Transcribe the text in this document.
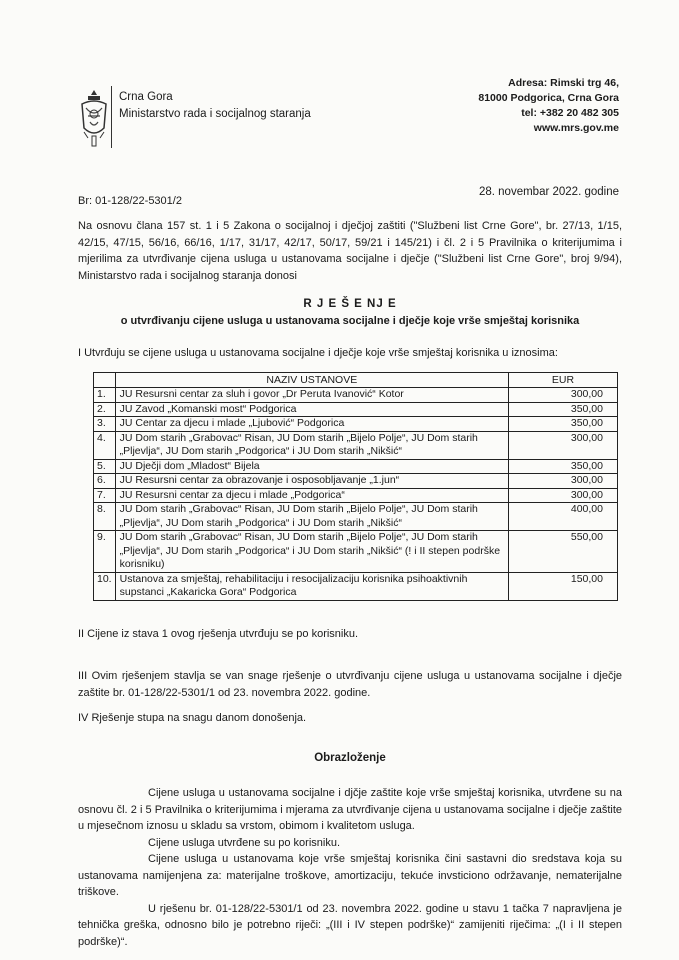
Crna Gora
Ministarstvo rada i socijalnog staranja
Adresa: Rimski trg 46,
81000 Podgorica, Crna Gora
tel: +382 20 482 305
www.mrs.gov.me
Br: 01-128/22-5301/2
28. novembar 2022. godine
Na osnovu člana 157 st. 1 i 5 Zakona o socijalnoj i dječjoj zaštiti ("Službeni list Crne Gore", br. 27/13, 1/15, 42/15, 47/15, 56/16, 66/16, 1/17, 31/17, 42/17, 50/17, 59/21 i 145/21) i čl. 2 i 5 Pravilnika o kriterijumima i mjerilima za utvrđivanje cijena usluga u ustanovama socijalne i dječje ("Službeni list Crne Gore", broj 9/94), Ministarstvo rada i socijalnog staranja donosi
R J E Š E NJ E
o utvrđivanju cijene usluga u ustanovama socijalne i dječje koje vrše smještaj korisnika
I Utvrđuju se cijene usluga u ustanovama socijalne i dječje koje vrše smještaj korisnika u iznosima:
	NAZIV USTANOVE	EUR
1.	JU Resursni centar za sluh i govor „Dr Peruta Ivanović“ Kotor	300,00
2.	JU Zavod „Komanski most“ Podgorica	350,00
3.	JU Centar za djecu i mlade „Ljubović“ Podgorica	350,00
4.	JU Dom starih „Grabovac“ Risan, JU Dom starih „Bijelo Polje“, JU Dom starih „Pljevlja“, JU Dom starih „Podgorica“ i JU Dom starih „Nikšić“	300,00
5.	JU Dječji dom „Mladost“ Bijela	350,00
6.	JU Resursni centar za obrazovanje i osposobljavanje „1.jun“	300,00
7.	JU Resursni centar za djecu i mlade „Podgorica“	300,00
8.	JU Dom starih „Grabovac“ Risan, JU Dom starih „Bijelo Polje“, JU Dom starih „Pljevlja“, JU Dom starih „Podgorica“ i JU Dom starih „Nikšić“	400,00
9.	JU Dom starih „Grabovac“ Risan, JU Dom starih „Bijelo Polje“, JU Dom starih „Pljevlja“, JU Dom starih „Podgorica“ i JU Dom starih „Nikšić“ (! i II stepen podrške korisniku)	550,00
10.	Ustanova za smještaj, rehabilitaciju i resocijalizaciju korisnika psihoaktivnih supstanci „Kakaricka Gora“ Podgorica	150,00
II Cijene iz stava 1 ovog rješenja utvrđuju se po korisniku.
III Ovim rješenjem stavlja se van snage rješenje o utvrđivanju cijene usluga u ustanovama socijalne i dječje zaštite br. 01-128/22-5301/1 od 23. novembra 2022. godine.
IV Rješenje stupa na snagu danom donošenja.
Obrazloženje
Cijene usluga u ustanovama socijalne i djčje zaštite koje vrše smještaj korisnika, utvrđene su na osnovu čl. 2 i 5 Pravilnika o kriterijumima i mjerama za utvrđivanje cijena u ustanovama socijalne i dječje zaštite u mjesečnom iznosu u skladu sa vrstom, obimom i kvalitetom usluga.
Cijene usluga utvrđene su po korisniku.
Cijene usluga u ustanovama koje vrše smještaj korisnika čini sastavni dio sredstava koja su ustanovama namijenjena za: materijalne troškove, amortizaciju, tekuće invsticiono održavanje, nematerijalne triškove.
U rješenu br. 01-128/22-5301/1 od 23. novembra 2022. godine u stavu 1 tačka 7 napravljena je tehnička greška, odnosno bilo je potrebno riječi: „(III i IV stepen podrške)“ zamijeniti riječima: „(I i II stepen podrške)“.
